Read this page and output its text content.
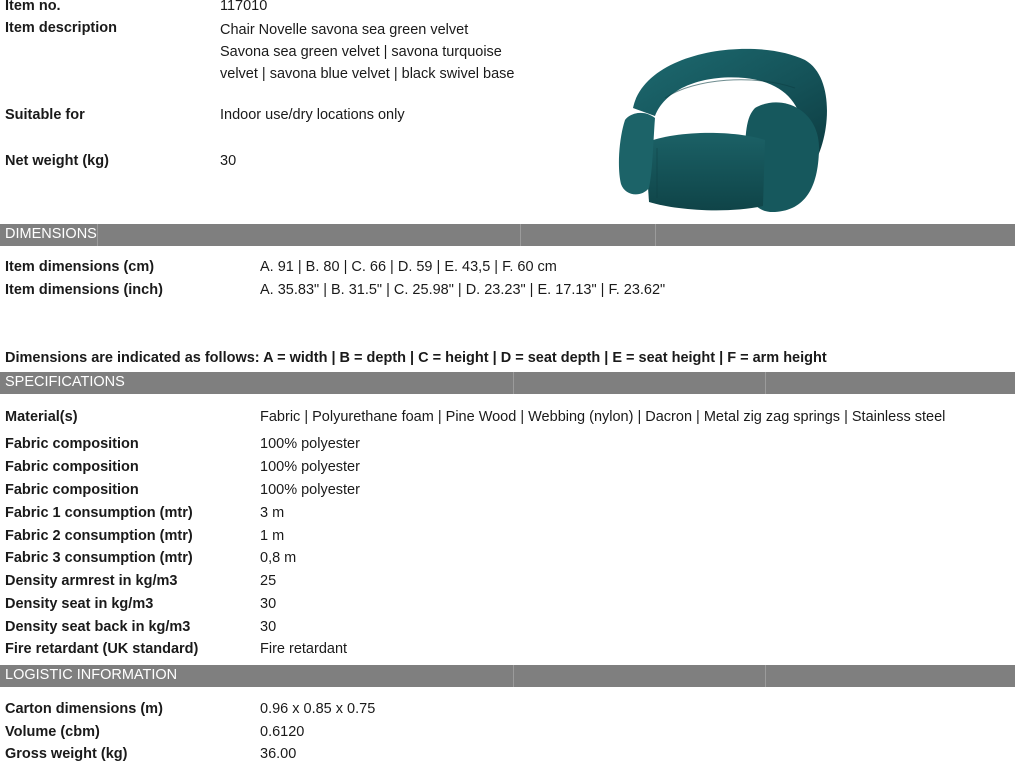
Item no.	117010
Item description	Chair Novelle savona sea green velvet
Savona sea green velvet | savona turquoise
velvet | savona blue velvet | black swivel base
Suitable for	Indoor use/dry locations only
Net weight (kg)	30
DIMENSIONS
Item dimensions (cm)	A. 91 | B. 80 | C. 66 | D. 59 | E. 43,5 | F. 60 cm
Item dimensions (inch)	A. 35.83" | B. 31.5" | C. 25.98" | D. 23.23" | E. 17.13" | F. 23.62"
Dimensions are indicated as follows: A = width | B = depth | C = height | D = seat depth | E = seat height | F = arm height
SPECIFICATIONS
Material(s)	Fabric | Polyurethane foam | Pine Wood | Webbing (nylon) | Dacron | Metal zig zag springs | Stainless steel
Fabric composition	100% polyester
Fabric composition	100% polyester
Fabric composition	100% polyester
Fabric 1 consumption (mtr)	3 m
Fabric 2 consumption (mtr)	1 m
Fabric 3 consumption (mtr)	0,8 m
Density armrest in kg/m3	25
Density seat in kg/m3	30
Density seat back in kg/m3	30
Fire retardant (UK standard)	Fire retardant
LOGISTIC INFORMATION
Carton dimensions (m)	0.96 x 0.85 x 0.75
Volume (cbm)	0.6120
Gross weight (kg)	36.00
